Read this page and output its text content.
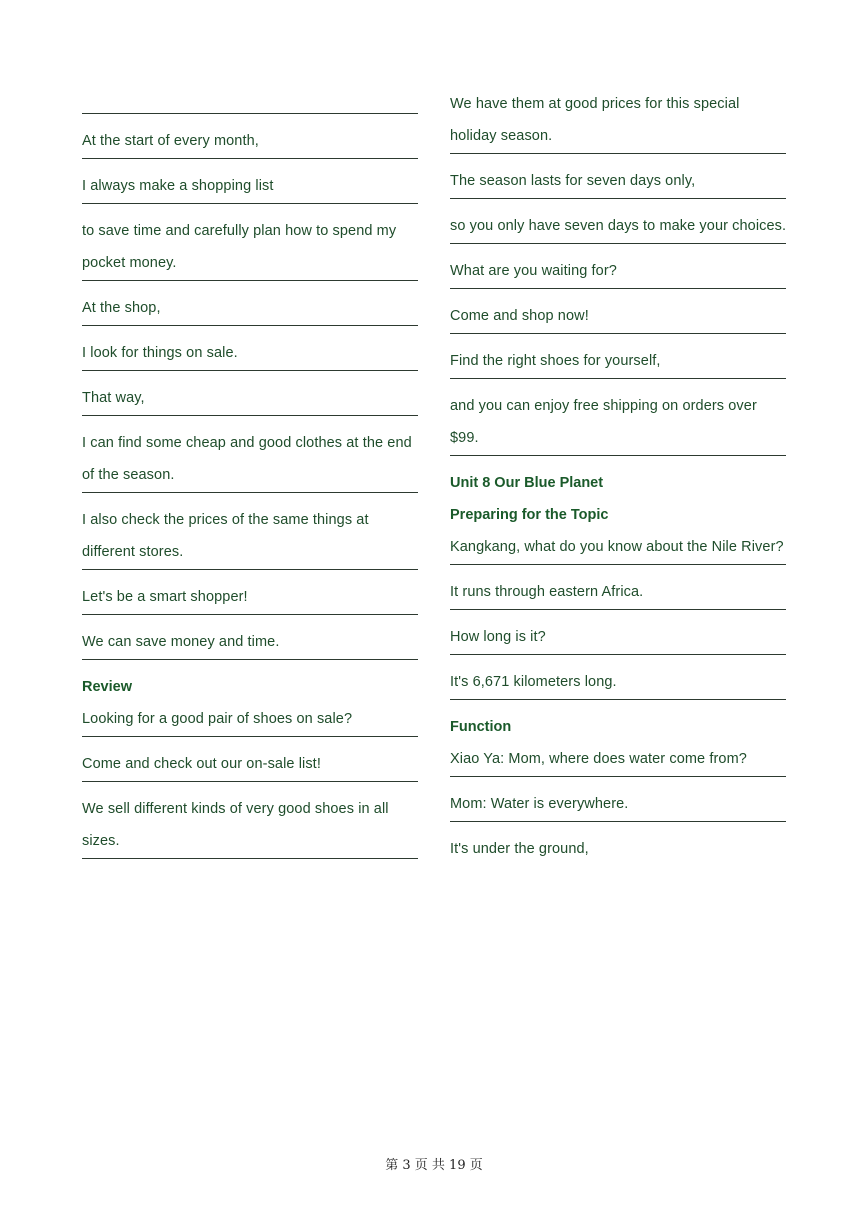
At the start of every month,
I always make a shopping list
to save time and carefully plan how to spend my
pocket money.
At the shop,
I look for things on sale.
That way,
I can find some cheap and good clothes at the end
of the season.
I also check the prices of the same things at
different stores.
Let's be a smart shopper!
We can save money and time.
Review
Looking for a good pair of shoes on sale?
Come and check out our on-sale list!
We sell different kinds of very good shoes in all
sizes.
We have them at good prices for this special
holiday season.
The season lasts for seven days only,
so you only have seven days to make your choices.
What are you waiting for?
Come and shop now!
Find the right shoes for yourself,
and you can enjoy free shipping on orders over
$99.
Unit 8 Our Blue Planet
Preparing for the Topic
Kangkang, what do you know about the Nile River?
It runs through eastern Africa.
How long is it?
It's 6,671 kilometers long.
Function
Xiao Ya: Mom, where does water come from?
Mom: Water is everywhere.
It's under the ground,
第 3 页 共 19 页
